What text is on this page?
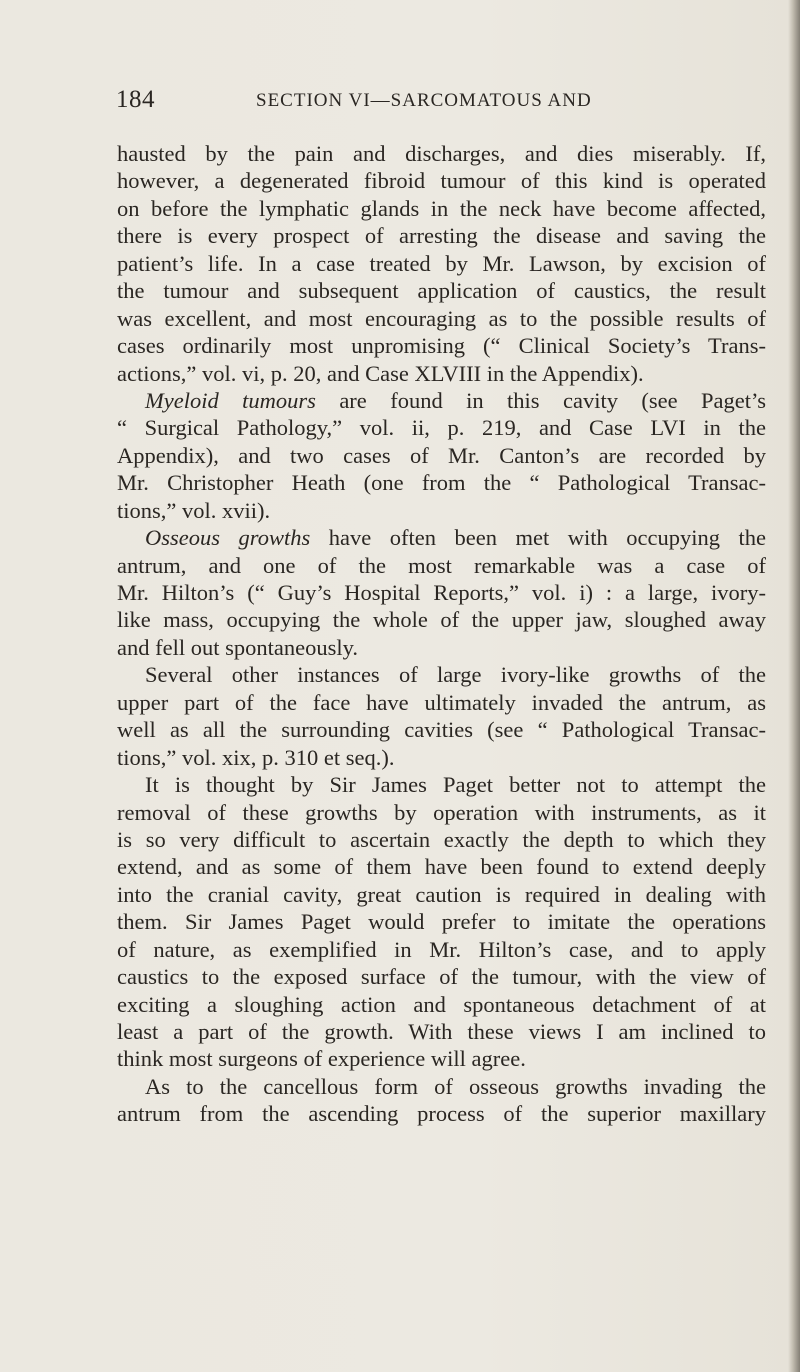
184	SECTION VI—SARCOMATOUS AND
hausted by the pain and discharges, and dies miserably. If,
however, a degenerated fibroid tumour of this kind is operated
on before the lymphatic glands in the neck have become affected,
there is every prospect of arresting the disease and saving the
patient’s life. In a case treated by Mr. Lawson, by excision of
the tumour and subsequent application of caustics, the result
was excellent, and most encouraging as to the possible results of
cases ordinarily most unpromising (“ Clinical Society’s Trans-
actions,” vol. vi, p. 20, and Case XLVIII in the Appendix).
Myeloid tumours are found in this cavity (see Paget’s
“ Surgical Pathology,” vol. ii, p. 219, and Case LVI in the
Appendix), and two cases of Mr. Canton’s are recorded by
Mr. Christopher Heath (one from the “ Pathological Transac-
tions,” vol. xvii).
Osseous growths have often been met with occupying the
antrum, and one of the most remarkable was a case of
Mr. Hilton’s (“ Guy’s Hospital Reports,” vol. i) : a large, ivory-
like mass, occupying the whole of the upper jaw, sloughed away
and fell out spontaneously.
Several other instances of large ivory-like growths of the
upper part of the face have ultimately invaded the antrum, as
well as all the surrounding cavities (see “ Pathological Transac-
tions,” vol. xix, p. 310 et seq.).
It is thought by Sir James Paget better not to attempt the
removal of these growths by operation with instruments, as it
is so very difficult to ascertain exactly the depth to which they
extend, and as some of them have been found to extend deeply
into the cranial cavity, great caution is required in dealing with
them. Sir James Paget would prefer to imitate the operations
of nature, as exemplified in Mr. Hilton’s case, and to apply
caustics to the exposed surface of the tumour, with the view of
exciting a sloughing action and spontaneous detachment of at
least a part of the growth. With these views I am inclined to
think most surgeons of experience will agree.
As to the cancellous form of osseous growths invading the
antrum from the ascending process of the superior maxillary
